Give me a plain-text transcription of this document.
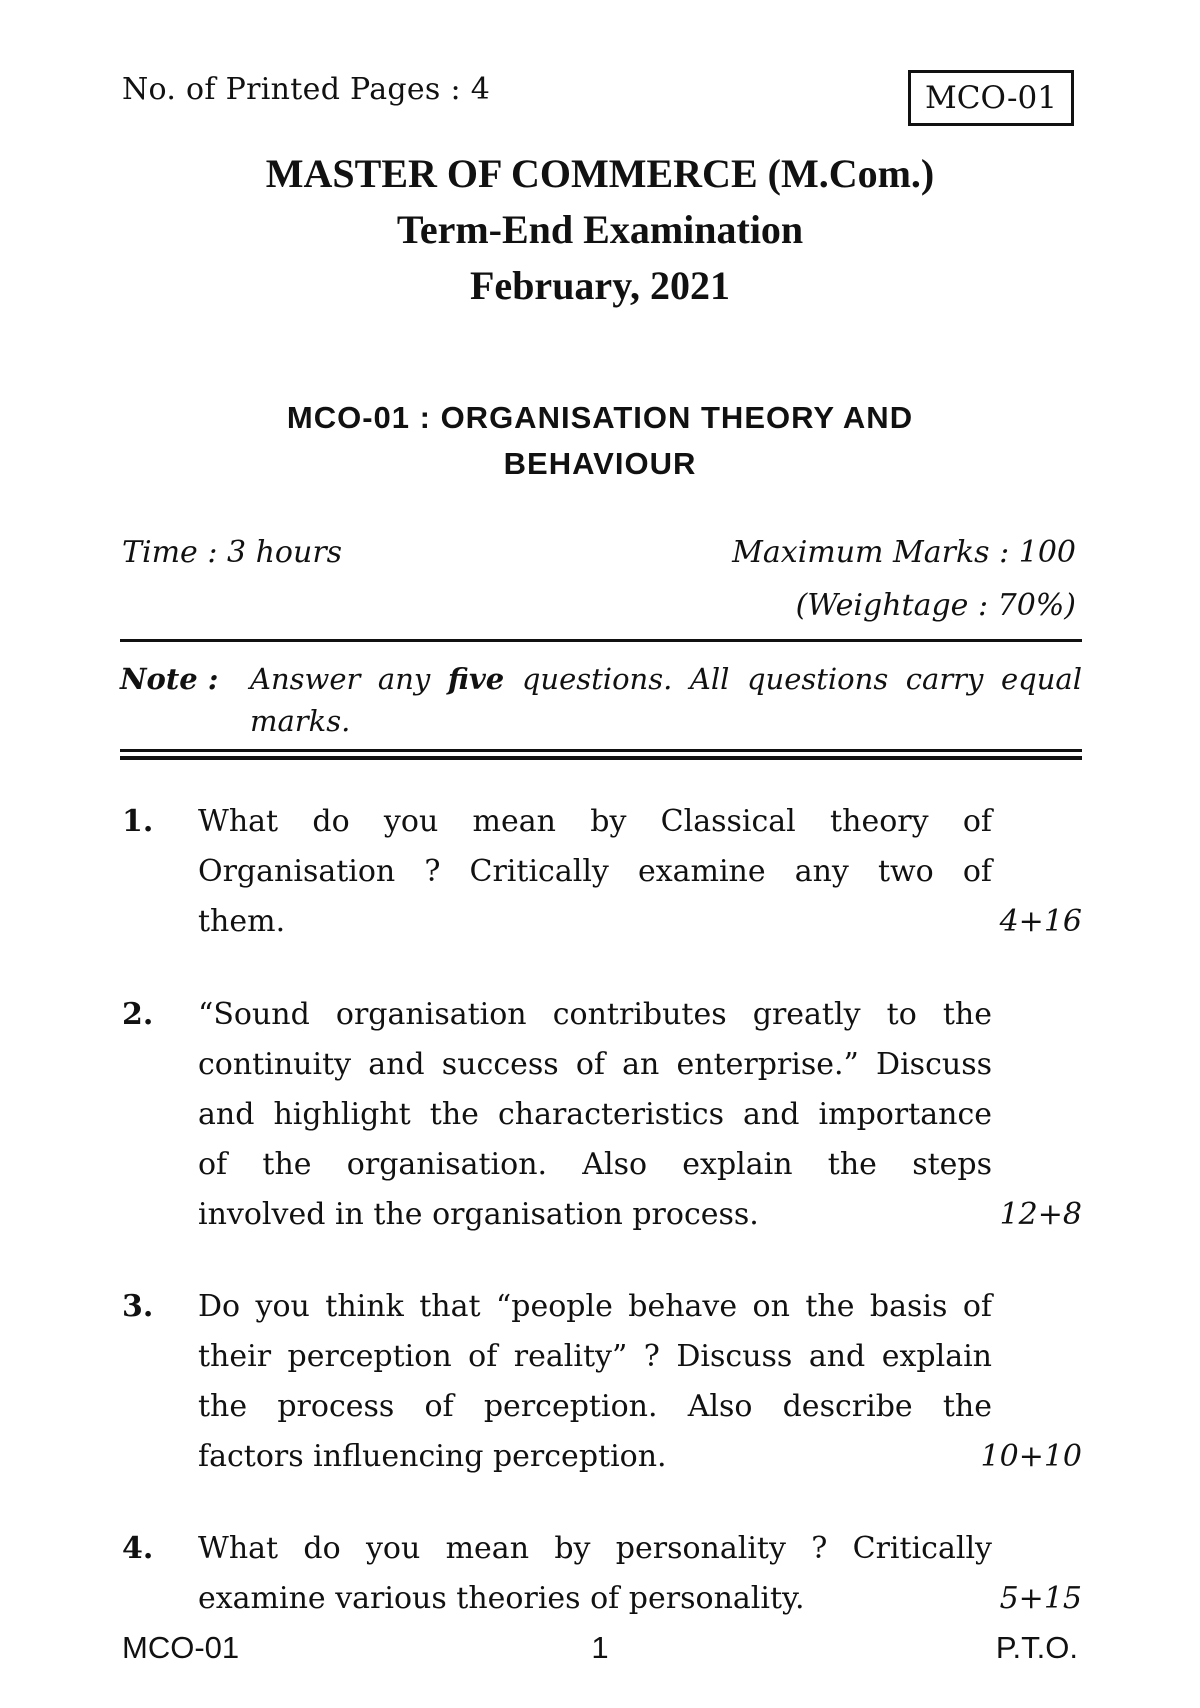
No. of Printed Pages : 4	MCO-01
MASTER OF COMMERCE (M.Com.)
Term-End Examination
February, 2021
MCO-01 : ORGANISATION THEORY AND
BEHAVIOUR
Time : 3 hours	Maximum Marks : 100
(Weightage : 70%)
Note : Answer any five questions. All questions carry equal marks.
1. What do you mean by Classical theory of
Organisation ? Critically examine any two of
them.	4+16
2. “Sound organisation contributes greatly to the
continuity and success of an enterprise.” Discuss
and highlight the characteristics and importance
of the organisation. Also explain the steps
involved in the organisation process.	12+8
3. Do you think that “people behave on the basis of
their perception of reality” ? Discuss and explain
the process of perception. Also describe the
factors influencing perception.	10+10
4. What do you mean by personality ? Critically
examine various theories of personality.	5+15
MCO-01	1	P.T.O.
